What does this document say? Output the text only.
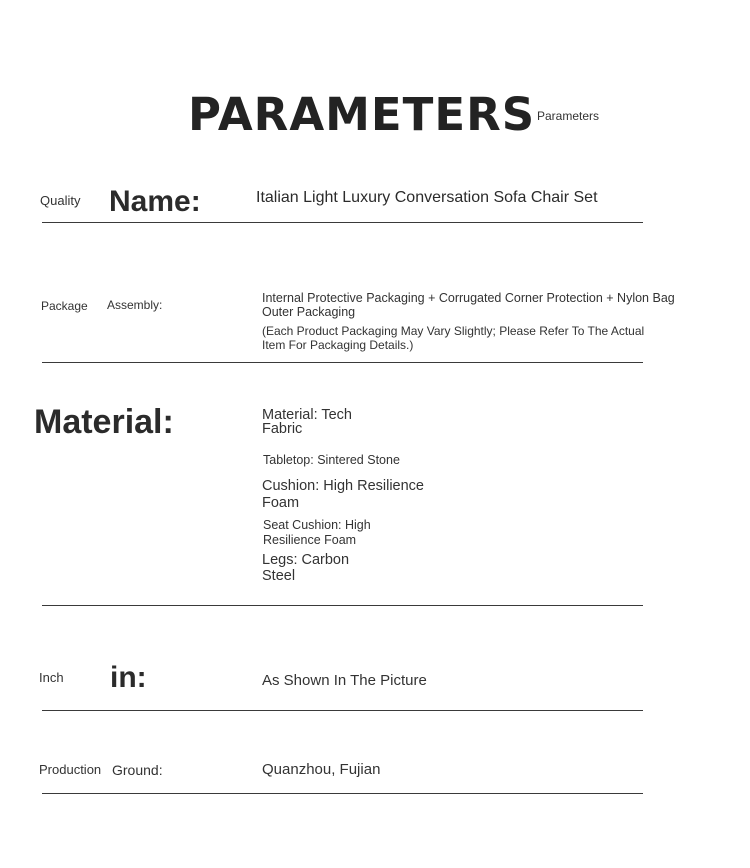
PARAMETERS Parameters
Quality Name:	Italian Light Luxury Conversation Sofa Chair Set
Package Assembly:	Internal Protective Packaging + Corrugated Corner Protection + Nylon Bag Outer Packaging
(Each Product Packaging May Vary Slightly; Please Refer To The Actual Item For Packaging Details.)
Material:	Material: Tech Fabric
Tabletop: Sintered Stone
Cushion: High Resilience Foam
Seat Cushion: High Resilience Foam
Legs: Carbon Steel
Inch in:	As Shown In The Picture
Production Ground:	Quanzhou, Fujian
